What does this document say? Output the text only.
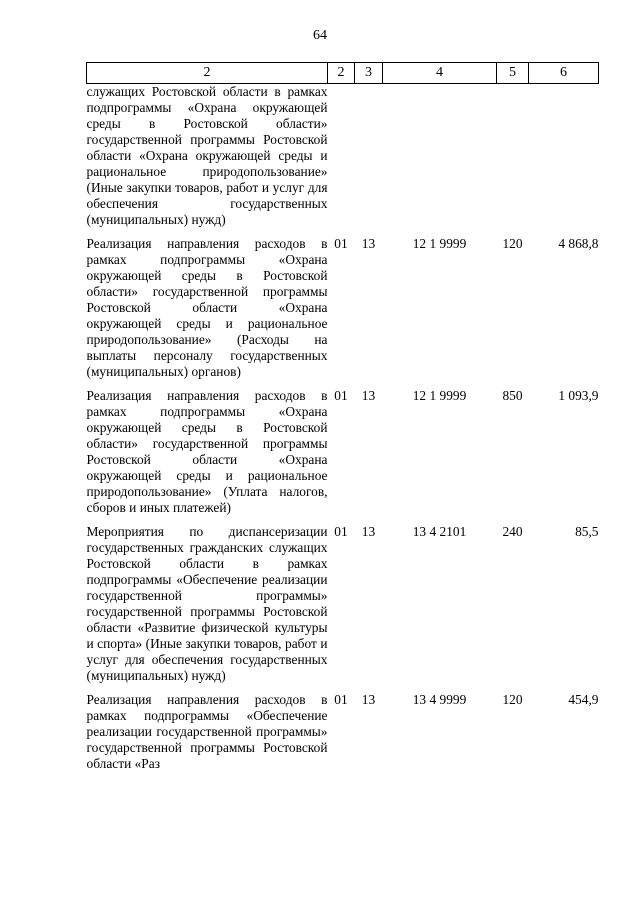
64
2	2	3	4	5	6
служащих Ростовской области в рамках подпрограммы «Охрана окружающей среды в Ростовской области» государственной программы Ростовской области «Охрана окружающей среды и рациональное природопользование» (Иные закупки товаров, работ и услуг для обеспечения государственных (муниципальных) нужд)					

Реализация направления расходов в рамках подпрограммы «Охрана окружающей среды в Ростовской области» государственной программы Ростовской области «Охрана окружающей среды и рациональное природопользование» (Расходы на выплаты персоналу государственных (муниципальных) органов)	01	13	12 1 9999	120	4 868,8

Реализация направления расходов в рамках подпрограммы «Охрана окружающей среды в Ростовской области» государственной программы Ростовской области «Охрана окружающей среды и рациональное природопользование» (Уплата налогов, сборов и иных платежей)	01	13	12 1 9999	850	1 093,9

Мероприятия по диспансеризации государственных гражданских служащих Ростовской области в рамках подпрограммы «Обеспечение реализации государственной программы» государственной программы Ростовской области «Развитие физической культуры и спорта» (Иные закупки товаров, работ и услуг для обеспечения государственных (муниципальных) нужд)	01	13	13 4 2101	240	85,5

Реализация направления расходов в рамках подпрограммы «Обеспечение реализации государственной программы» государственной программы Ростовской области «Раз	01	13	13 4 9999	120	454,9
